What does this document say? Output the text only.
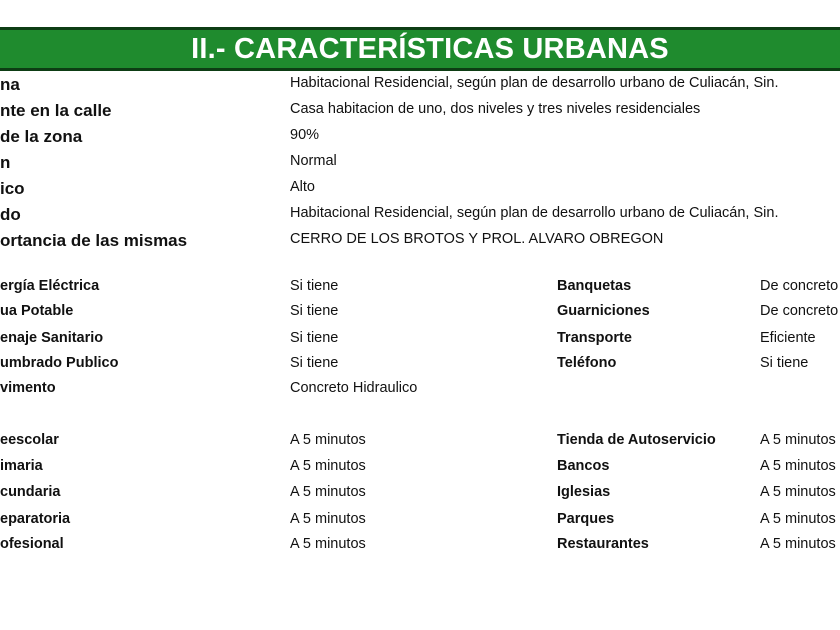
II.- CARACTERÍSTICAS URBANAS
na	Habitacional Residencial, según plan de desarrollo urbano de Culiacán, Sin.
nte en la calle	Casa habitacion de uno, dos niveles y tres niveles residenciales
de la zona	90%
n	Normal
ico	Alto
do	Habitacional Residencial, según plan de desarrollo urbano de Culiacán, Sin.
ortancia de las mismas	CERRO DE LOS BROTOS Y PROL. ALVARO OBREGON
ergía Eléctrica	Si tiene	Banquetas	De concreto
ua Potable	Si tiene	Guarniciones	De concreto
enaje Sanitario	Si tiene	Transporte	Eficiente
umbrado Publico	Si tiene	Teléfono	Si tiene
vimento	Concreto Hidraulico
eescolar	A 5 minutos	Tienda de Autoservicio	A 5 minutos
imaria	A 5 minutos	Bancos	A 5 minutos
cundaria	A 5 minutos	Iglesias	A 5 minutos
eparatoria	A 5 minutos	Parques	A 5 minutos
ofesional	A 5 minutos	Restaurantes	A 5 minutos
